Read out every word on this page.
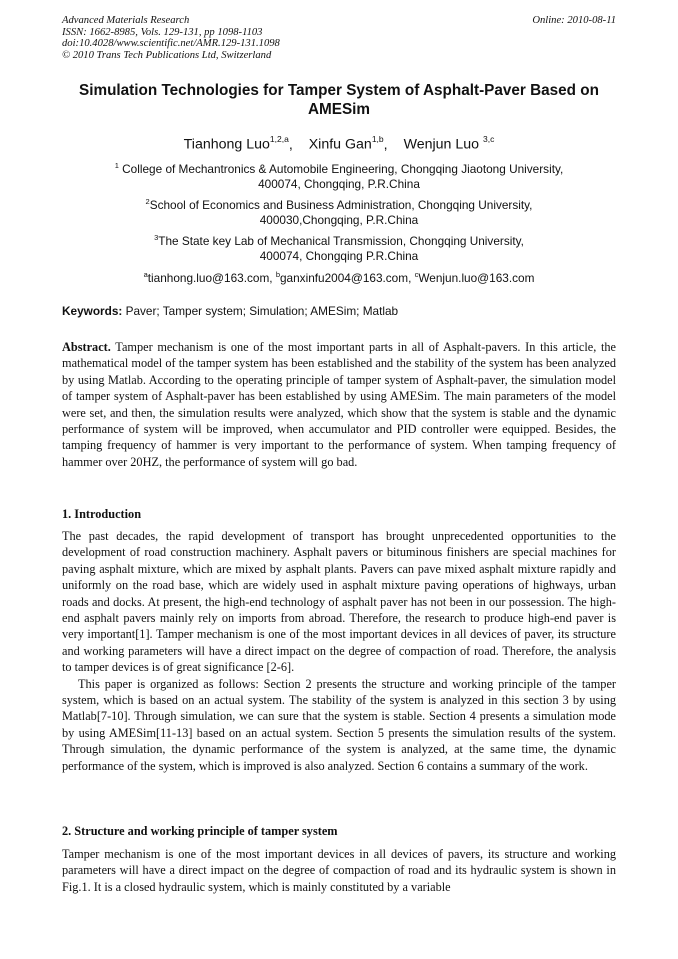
Advanced Materials Research
ISSN: 1662-8985, Vols. 129-131, pp 1098-1103
doi:10.4028/www.scientific.net/AMR.129-131.1098
© 2010 Trans Tech Publications Ltd, Switzerland
Online: 2010-08-11
Simulation Technologies for Tamper System of Asphalt-Paver Based on
AMESim
Tianhong Luo$^{1,2,a}$, Xinfu Gan$^{1,b}$, Wenjun Luo $^{3,c}$
$^1$ College of Mechantronics & Automobile Engineering, Chongqing Jiaotong University,
400074, Chongqing, P.R.China
$^2$School of Economics and Business Administration, Chongqing University,
400030,Chongqing, P.R.China
$^3$The State key Lab of Mechanical Transmission, Chongqing University,
400074, Chongqing P.R.China
$^a$tianhong.luo@163.com, $^b$ganxinfu2004@163.com, $^c$Wenjun.luo@163.com
Keywords: Paver; Tamper system; Simulation; AMESim; Matlab

Abstract. Tamper mechanism is one of the most important parts in all of Asphalt-pavers. In this article, the mathematical model of the tamper system has been established and the stability of the system has been analyzed by using Matlab. According to the operating principle of tamper system of Asphalt-paver, the simulation model of tamper system of Asphalt-paver has been established by using AMESim. The main parameters of the model were set, and then, the simulation results were analyzed, which show that the system is stable and the dynamic performance of system will be improved, when accumulator and PID controller were equipped. Besides, the tamping frequency of hammer is very important to the performance of system. When tamping frequency of hammer over 20HZ, the performance of system will go bad.

1. Introduction

The past decades, the rapid development of transport has brought unprecedented opportunities to the development of road construction machinery. Asphalt pavers or bituminous finishers are special machines for paving asphalt mixture, which are mixed by asphalt plants. Pavers can pave mixed asphalt mixture rapidly and uniformly on the road base, which are widely used in asphalt mixture paving operations of highways, urban roads and docks. At present, the high-end technology of asphalt paver has not been in our possession. The high-end asphalt pavers mainly rely on imports from abroad. Therefore, the research to produce high-end paver is very important[1]. Tamper mechanism is one of the most important devices in all devices of paver, its structure and working parameters will have a direct impact on the degree of compaction of road. Therefore, the analysis to tamper devices is of great significance [2-6].

This paper is organized as follows: Section 2 presents the structure and working principle of the tamper system, which is based on an actual system. The stability of the system is analyzed in this section 3 by using Matlab[7-10]. Through simulation, we can sure that the system is stable. Section 4 presents a simulation mode by using AMESim[11-13] based on an actual system. Section 5 presents the simulation results of the system. Through simulation, the dynamic performance of the system is analyzed, at the same time, the dynamic performance of the system, which is improved is also analyzed. Section 6 contains a summary of the work.

2. Structure and working principle of tamper system

Tamper mechanism is one of the most important devices in all devices of pavers, its structure and working parameters will have a direct impact on the degree of compaction of road and its hydraulic system is shown in Fig.1. It is a closed hydraulic system, which is mainly constituted by a variable
